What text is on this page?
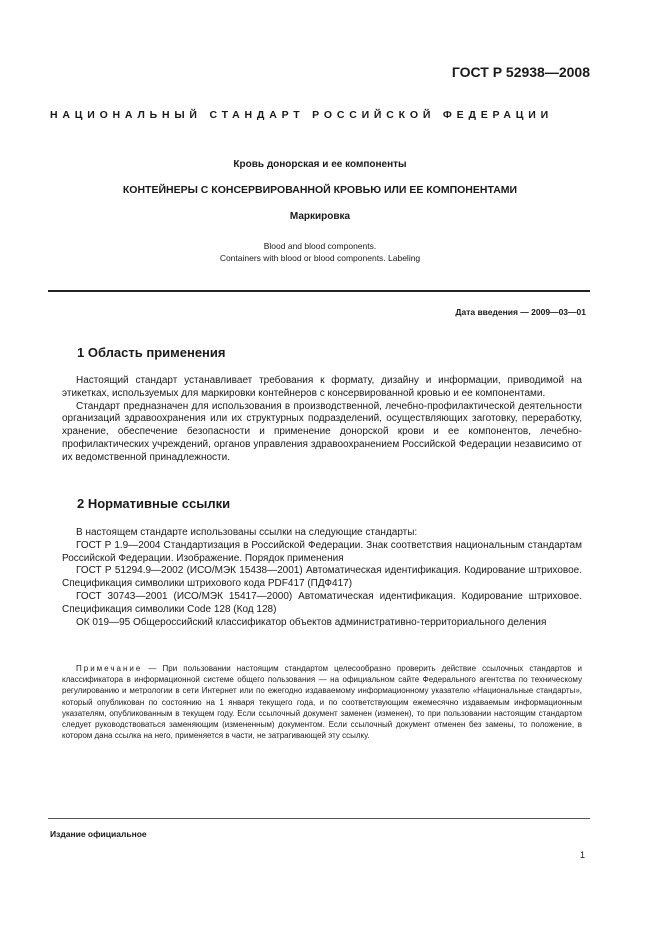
ГОСТ Р 52938—2008
НАЦИОНАЛЬНЫЙ СТАНДАРТ РОССИЙСКОЙ ФЕДЕРАЦИИ
Кровь донорская и ее компоненты
КОНТЕЙНЕРЫ С КОНСЕРВИРОВАННОЙ КРОВЬЮ ИЛИ ЕЕ КОМПОНЕНТАМИ
Маркировка
Blood and blood components.
Containers with blood or blood components. Labeling
Дата введения — 2009—03—01
1 Область применения

Настоящий стандарт устанавливает требования к формату, дизайну и информации, приводимой на этикетках, используемых для маркировки контейнеров с консервированной кровью и ее компонентами.

Стандарт предназначен для использования в производственной, лечебно-профилактической деятельности организаций здравоохранения или их структурных подразделений, осуществляющих заготовку, переработку, хранение, обеспечение безопасности и применение донорской крови и ее компонентов, лечебно-профилактических учреждений, органов управления здравоохранением Российской Федерации независимо от их ведомственной принадлежности.

2 Нормативные ссылки

В настоящем стандарте использованы ссылки на следующие стандарты:

ГОСТ Р 1.9—2004 Стандартизация в Российской Федерации. Знак соответствия национальным стандартам Российской Федерации. Изображение. Порядок применения

ГОСТ Р 51294.9—2002 (ИСО/МЭК 15438—2001) Автоматическая идентификация. Кодирование штриховое. Спецификация символики штрихового кода PDF417 (ПДФ417)

ГОСТ 30743—2001 (ИСО/МЭК 15417—2000) Автоматическая идентификация. Кодирование штриховое. Спецификация символики Code 128 (Код 128)

ОК 019—95 Общероссийский классификатор объектов административно-территориального деления

Примечание — При пользовании настоящим стандартом целесообразно проверить действие ссылочных стандартов и классификатора в информационной системе общего пользования — на официальном сайте Федерального агентства по техническому регулированию и метрологии в сети Интернет или по ежегодно издаваемому информационному указателю «Национальные стандарты», который опубликован по состоянию на 1 января текущего года, и по соответствующим ежемесячно издаваемым информационным указателям, опубликованным в текущем году. Если ссылочный документ заменен (изменен), то при пользовании настоящим стандартом следует руководствоваться заменяющим (измененным) документом. Если ссылочный документ отменен без замены, то положение, в котором дана ссылка на него, применяется в части, не затрагивающей эту ссылку.

Издание официальное
1
